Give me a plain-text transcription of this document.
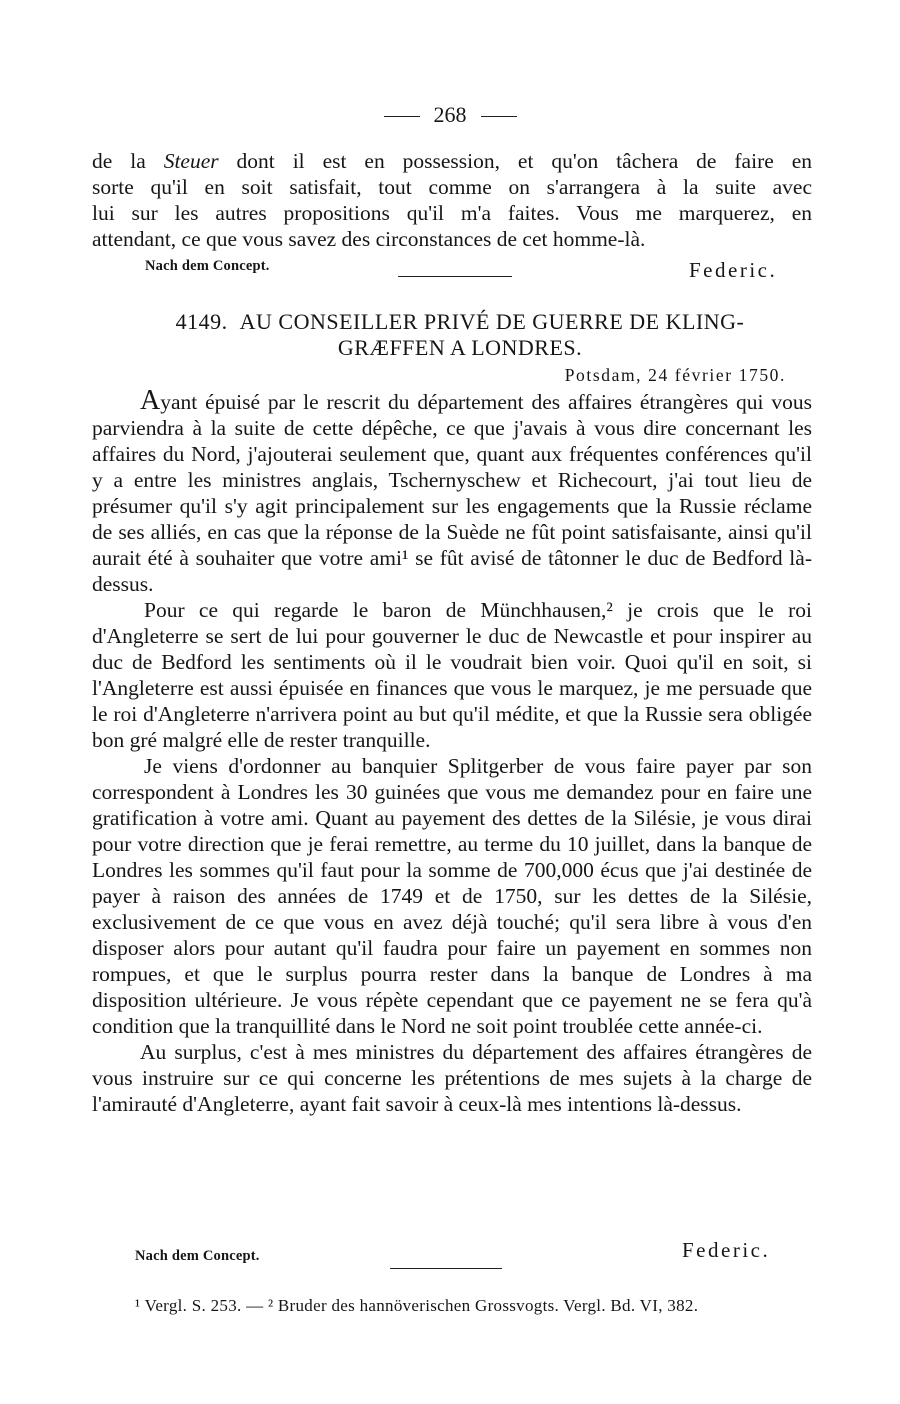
268
de la Steuer dont il est en possession, et qu'on tâchera de faire en
sorte qu'il en soit satisfait, tout comme on s'arrangera à la suite avec
lui sur les autres propositions qu'il m'a faites. Vous me marquerez, en
attendant, ce que vous savez des circonstances de cet homme-là.
Nach dem Concept.	Federic.
4149. AU CONSEILLER PRIVÉ DE GUERRE DE KLING-
GRÆFFEN A LONDRES.
Potsdam, 24 février 1750.

Ayant épuisé par le rescrit du département des affaires étrangères qui vous parviendra à la suite de cette dépêche, ce que j'avais à vous dire concernant les affaires du Nord, j'ajouterai seulement que, quant aux fréquentes conférences qu'il y a entre les ministres anglais, Tschernyschew et Richecourt, j'ai tout lieu de présumer qu'il s'y agit principalement sur les engagements que la Russie réclame de ses alliés, en cas que la réponse de la Suède ne fût point satisfaisante, ainsi qu'il aurait été à souhaiter que votre ami¹ se fût avisé de tâtonner le duc de Bedford là-dessus.

Pour ce qui regarde le baron de Münchhausen,² je crois que le roi d'Angleterre se sert de lui pour gouverner le duc de Newcastle et pour inspirer au duc de Bedford les sentiments où il le voudrait bien voir. Quoi qu'il en soit, si l'Angleterre est aussi épuisée en finances que vous le marquez, je me persuade que le roi d'Angleterre n'arrivera point au but qu'il médite, et que la Russie sera obligée bon gré malgré elle de rester tranquille.

Je viens d'ordonner au banquier Splitgerber de vous faire payer par son correspondent à Londres les 30 guinées que vous me demandez pour en faire une gratification à votre ami. Quant au payement des dettes de la Silésie, je vous dirai pour votre direction que je ferai remettre, au terme du 10 juillet, dans la banque de Londres les sommes qu'il faut pour la somme de 700,000 écus que j'ai destinée de payer à raison des années de 1749 et de 1750, sur les dettes de la Silésie, exclusivement de ce que vous en avez déjà touché; qu'il sera libre à vous d'en disposer alors pour autant qu'il faudra pour faire un payement en sommes non rompues, et que le surplus pourra rester dans la banque de Londres à ma disposition ultérieure. Je vous répète cependant que ce payement ne se fera qu'à condition que la tranquillité dans le Nord ne soit point troublée cette année-ci.

Au surplus, c'est à mes ministres du département des affaires étrangères de vous instruire sur ce qui concerne les prétentions de mes sujets à la charge de l'amirauté d'Angleterre, ayant fait savoir à ceux-là mes intentions là-dessus.

Nach dem Concept.	Federic.
¹ Vergl. S. 253. — ² Bruder des hannöverischen Grossvogts. Vergl. Bd. VI, 382.
